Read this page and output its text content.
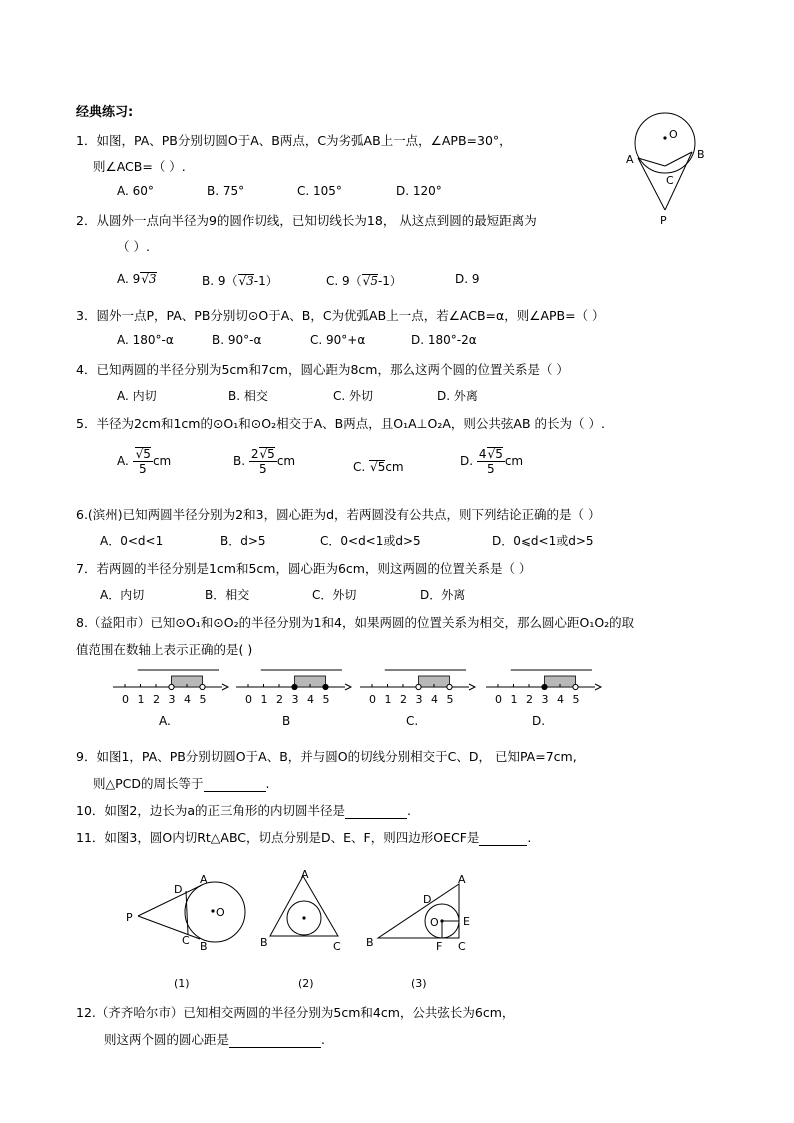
经典练习:
1．如图，PA、PB分别切圆O于A、B两点，C为劣弧AB上一点，∠APB=30°，
则∠ACB=（ ）.
A. 60°	B. 75°	C. 105°	D. 120°
O
A	B
C
P
2．从圆外一点向半径为9的圆作切线，已知切线长为18， 从这点到圆的最短距离为
（ ）.
A. 9√3	B. 9（√3-1）	C. 9（√5-1）	D. 9
3．圆外一点P，PA、PB分别切⊙O于A、B，C为优弧AB上一点，若∠ACB=α，则∠APB=（ ）
A. 180°-α	B. 90°-α	C. 90°+α	D. 180°-2α
4．已知两圆的半径分别为5cm和7cm，圆心距为8cm，那么这两个圆的位置关系是（ ）
A. 内切	B. 相交	C. 外切	D. 外离
5．半径为2cm和1cm的⊙O₁和⊙O₂相交于A、B两点，且O₁A⊥O₂A，则公共弦AB 的长为（ ）.
A. $\frac{√5}{5}$ cm	B. $\frac{2√5}{5}$ cm	C. √5cm	D. $\frac{4√5}{5}$ cm
6.(滨州)已知两圆半径分别为2和3，圆心距为d，若两圆没有公共点，则下列结论正确的是（ ）
A．0<d<1	B．d>5	C．0<d<1或d>5	D．0⩽d<1或d>5
7．若两圆的半径分别是1cm和5cm，圆心距为6cm，则这两圆的位置关系是（ ）
A．内切	B．相交	C．外切	D．外离
8.（益阳市）已知⊙O₁和⊙O₂的半径分别为1和4，如果两圆的位置关系为相交，那么圆心距O₁O₂的取
值范围在数轴上表示正确的是( )
0 1 2 3 4 5
A.
0 1 2 3 4 5
B
0 1 2 3 4 5
C.
0 1 2 3 4 5
D.
9．如图1，PA、PB分别切圆O于A、B，并与圆O的切线分别相交于C、D， 已知PA=7cm,
则△PCD的周长等于	.
10．如图2，边长为a的正三角形的内切圆半径是	.
11．如图3，圆O内切Rt△ABC，切点分别是D、E、F，则四边形OECF是	.
P
A
D
O
C B
(1)
A
B	C
(2)
A
D
E
O
B	F C
(3)
12.（齐齐哈尔市）已知相交两圆的半径分别为5cm和4cm，公共弦长为6cm，
则这两个圆的圆心距是	.
